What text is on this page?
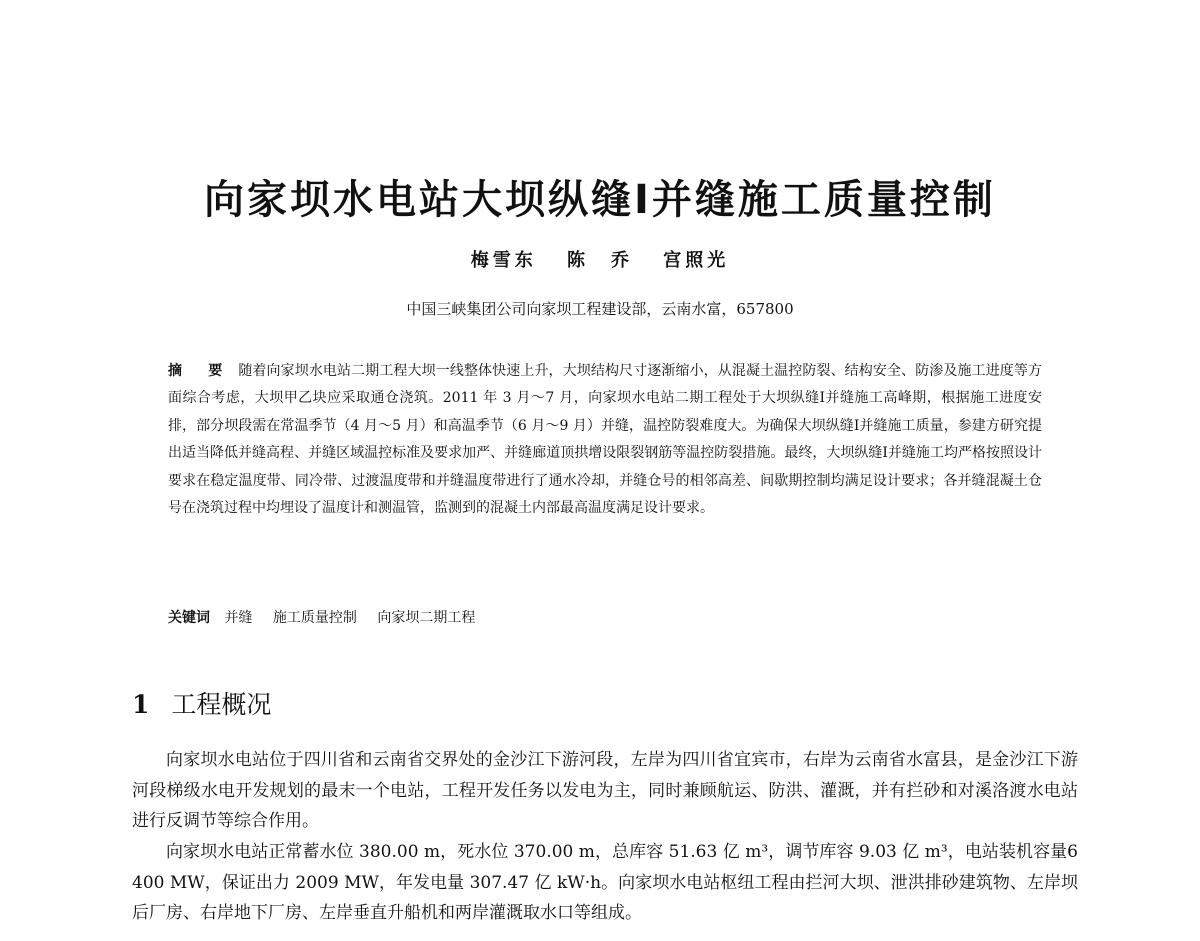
向家坝水电站大坝纵缝Ⅰ并缝施工质量控制
梅雪东 陈　乔 宫照光
中国三峡集团公司向家坝工程建设部，云南水富，657800

摘　要 随着向家坝水电站二期工程大坝一线整体快速上升，大坝结构尺寸逐渐缩小，从混凝土温控防裂、结构安全、防渗及施工进度等方面综合考虑，大坝甲乙块应采取通仓浇筑。2011 年 3 月～7 月，向家坝水电站二期工程处于大坝纵缝Ⅰ并缝施工高峰期，根据施工进度安排，部分坝段需在常温季节（4 月～5 月）和高温季节（6 月～9 月）并缝，温控防裂难度大。为确保大坝纵缝Ⅰ并缝施工质量，参建方研究提出适当降低并缝高程、并缝区域温控标准及要求加严、并缝廊道顶拱增设限裂钢筋等温控防裂措施。最终，大坝纵缝Ⅰ并缝施工均严格按照设计要求在稳定温度带、同冷带、过渡温度带和并缝温度带进行了通水冷却，并缝仓号的相邻高差、间歇期控制均满足设计要求；各并缝混凝土仓号在浇筑过程中均埋设了温度计和测温管，监测到的混凝土内部最高温度满足设计要求。

关键词 并缝 施工质量控制 向家坝二期工程
1 工程概况

向家坝水电站位于四川省和云南省交界处的金沙江下游河段，左岸为四川省宜宾市，右岸为云南省水富县，是金沙江下游河段梯级水电开发规划的最末一个电站，工程开发任务以发电为主，同时兼顾航运、防洪、灌溉，并有拦砂和对溪洛渡水电站进行反调节等综合作用。

向家坝水电站正常蓄水位 380.00 m，死水位 370.00 m，总库容 51.63 亿 m³，调节库容 9.03 亿 m³，电站装机容量6 400 MW，保证出力 2009 MW，年发电量 307.47 亿 kW·h。向家坝水电站枢纽工程由拦河大坝、泄洪排砂建筑物、左岸坝后厂房、右岸地下厂房、左岸垂直升船机和两岸灌溉取水口等组成。
